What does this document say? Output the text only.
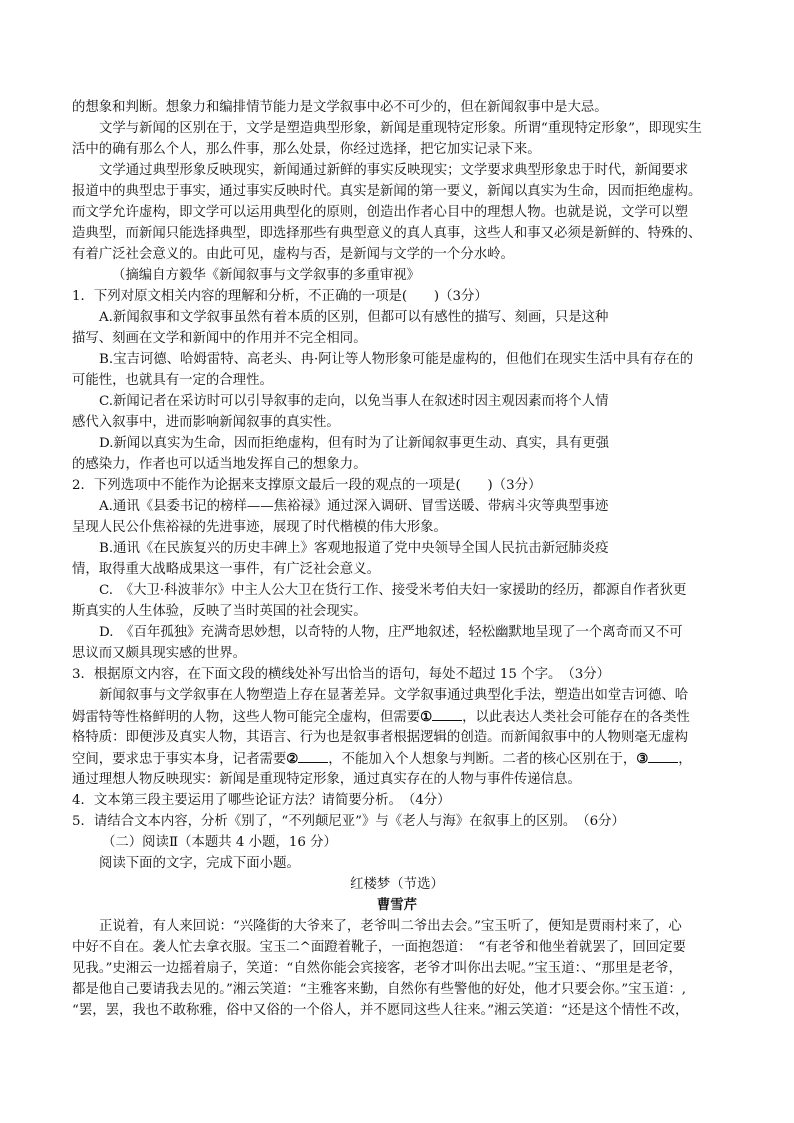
的想象和判断。想象力和编排情节能力是文学叙事中必不可少的，但在新闻叙事中是大忌。
文学与新闻的区别在于，文学是塑造典型形象，新闻是重现特定形象。所谓“重现特定形象”，即现实生
活中的确有那么个人，那么件事，那么处景，你经过选择，把它加实记录下来。
文学通过典型形象反映现实，新闻通过新鲜的事实反映现实；文学要求典型形象忠于时代，新闻要求
报道中的典型忠于事实，通过事实反映时代。真实是新闻的第一要义，新闻以真实为生命，因而拒绝虚构。
而文学允许虚构，即文学可以运用典型化的原则，创造出作者心目中的理想人物。也就是说，文学可以塑
造典型，而新闻只能选择典型，即选择那些有典型意义的真人真事，这些人和事又必须是新鲜的、特殊的、
有着广泛社会意义的。由此可见，虚构与否，是新闻与文学的一个分水岭。
（摘编自方毅华《新闻叙事与文学叙事的多重审视》
1．下列对原文相关内容的理解和分析，不正确的一项是(　　)（3分）
A.新闻叙事和文学叙事虽然有着本质的区别，但都可以有感性的描写、刻画，只是这种
描写、刻画在文学和新闻中的作用并不完全相同。
B.宝吉诃德、哈姆雷特、高老头、冉·阿让等人物形象可能是虚构的，但他们在现实生活中具有存在的
可能性，也就具有一定的合理性。
C.新闻记者在采访时可以引导叙事的走向，以免当事人在叙述时因主观因素而将个人情
感代入叙事中，进而影响新闻叙事的真实性。
D.新闻以真实为生命，因而拒绝虚构，但有时为了让新闻叙事更生动、真实，具有更强
的感染力，作者也可以适当地发挥自己的想象力。
2．下列选项中不能作为论据来支撑原文最后一段的观点的一项是(　　)（3分）
A.通讯《县委书记的榜样——焦裕禄》通过深入调研、冒雪送暖、带病斗灾等典型事迹
呈现人民公仆焦裕禄的先进事迹，展现了时代楷模的伟大形象。
B.通讯《在民族复兴的历史丰碑上》客观地报道了党中央领导全国人民抗击新冠肺炎疫
情，取得重大战略成果这一事件，有广泛社会意义。
C.　《大卫·科波菲尔》中主人公大卫在货行工作、接受米考伯夫妇一家援助的经历，都源自作者狄更
斯真实的人生体验，反映了当时英国的社会现实。
D.　《百年孤独》充满奇思妙想，以奇特的人物，庄严地叙述，轻松幽默地呈现了一个离奇而又不可
思议而又颇具现实感的世界。
3．根据原文内容，在下面文段的横线处补写出恰当的语句，每处不超过 15 个字。　（3分）
新闻叙事与文学叙事在人物塑造上存在显著差异。文学叙事通过典型化手法，塑造出如堂吉诃德、哈
姆雷特等性格鲜明的人物，这些人物可能完全虚构，但需要① ，以此表达人类社会可能存在的各类性
格特质：即便涉及真实人物，其语言、行为也是叙事者根据逻辑的创造。而新闻叙事中的人物则毫无虚构
空间，要求忠于事实本身，记者需要② ，不能加入个人想象与判断。二者的核心区别在于，③ ，
通过理想人物反映现实：新闻是重现特定形象，通过真实存在的人物与事件传递信息。
4．文本第三段主要运用了哪些论证方法？请简要分析。　（4分）
5．请结合文本内容，分析《别了，“不列颠尼亚”》与《老人与海》在叙事上的区别。　（6分）
（二）阅读Ⅱ（本题共 4 小题，16 分）
阅读下面的文字，完成下面小题。
红楼梦（节选）
曹雪芹
正说着，有人来回说：“兴隆街的大爷来了，老爷叫二爷出去会。”宝玉听了，便知是贾雨村来了，心
中好不自在。袭人忙去拿衣服。宝玉二^面蹬着靴子，一面抱怨道：　“有老爷和他坐着就罢了，回回定要
见我。”史湘云一边摇着扇子，笑道：“自然你能会宾接客，老爷才叫你出去呢。”宝玉道：、“那里是老爷，
都是他自己要请我去见的。”湘云笑道：“主雅客来勤，自然你有些警他的好处，他才只要会你。”宝玉道：,
“罢，罢，我也不敢称雅，俗中又俗的一个俗人，并不愿同这些人往来。”湘云笑道：“还是这个情性不改，
